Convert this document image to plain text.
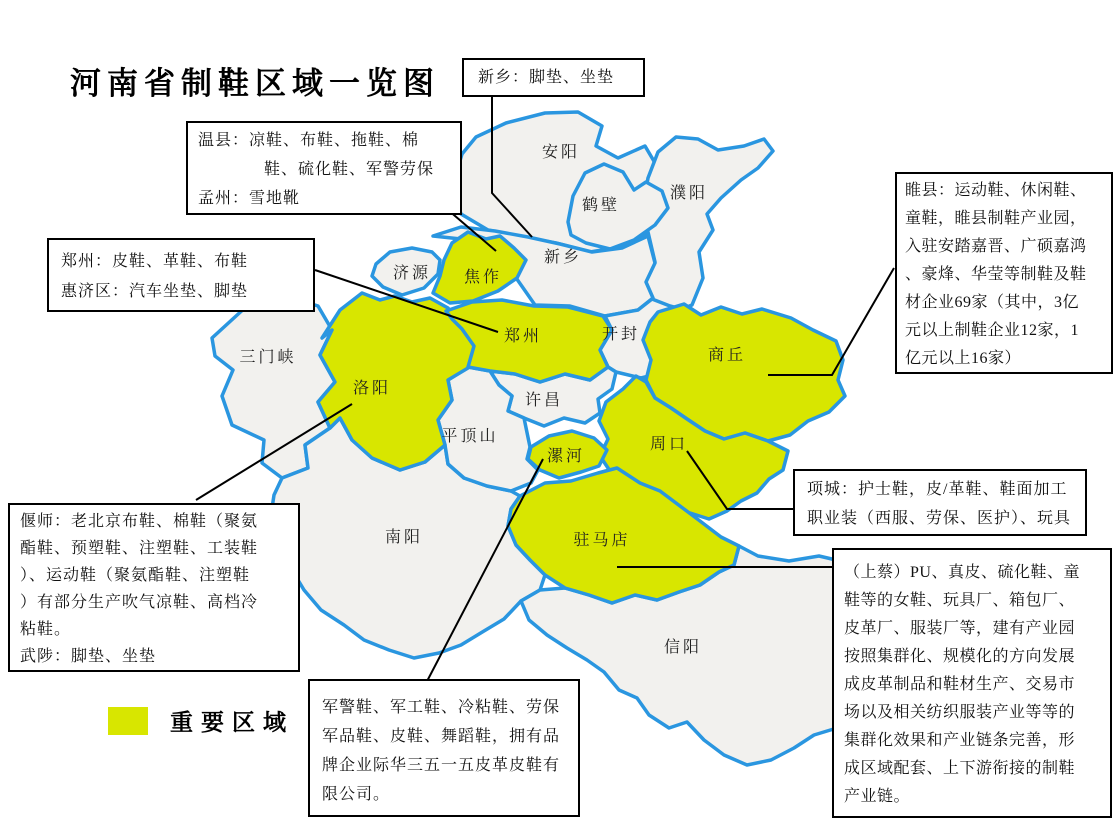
安阳
鹤壁
濮阳
济源 焦作
新乡
郑州	开封
三门峡
洛阳
许昌
平顶山
漯河
商丘
周口
南阳	驻马店
信阳
河南省制鞋区域一览图 新乡：脚垫、坐垫
温县：凉鞋、布鞋、拖鞋、棉
鞋、硫化鞋、军警劳保
孟州：雪地靴
郑州：皮鞋、革鞋、布鞋
惠济区：汽车坐垫、脚垫
睢县：运动鞋、休闲鞋、
童鞋，睢县制鞋产业园，
入驻安踏嘉晋、广硕嘉鸿
、豪烽、华莹等制鞋及鞋
材企业69家（其中，3亿
元以上制鞋企业12家，1
亿元以上16家）
项城：护士鞋，皮/革鞋、鞋面加工
职业装（西服、劳保、医护）、玩具
（上蔡）PU、真皮、硫化鞋、童
鞋等的女鞋、玩具厂、箱包厂、
皮革厂、服装厂等，建有产业园
按照集群化、规模化的方向发展
成皮革制品和鞋材生产、交易市
场以及相关纺织服装产业等等的
集群化效果和产业链条完善，形
成区域配套、上下游衔接的制鞋
产业链。
偃师：老北京布鞋、棉鞋（聚氨
酯鞋、预塑鞋、注塑鞋、工装鞋
）、运动鞋（聚氨酯鞋、注塑鞋
）有部分生产吹气凉鞋、高档冷
粘鞋。
武陟：脚垫、坐垫
军警鞋、军工鞋、冷粘鞋、劳保
军品鞋、皮鞋、舞蹈鞋，拥有品
牌企业际华三五一五皮革皮鞋有
限公司。
重要区域
